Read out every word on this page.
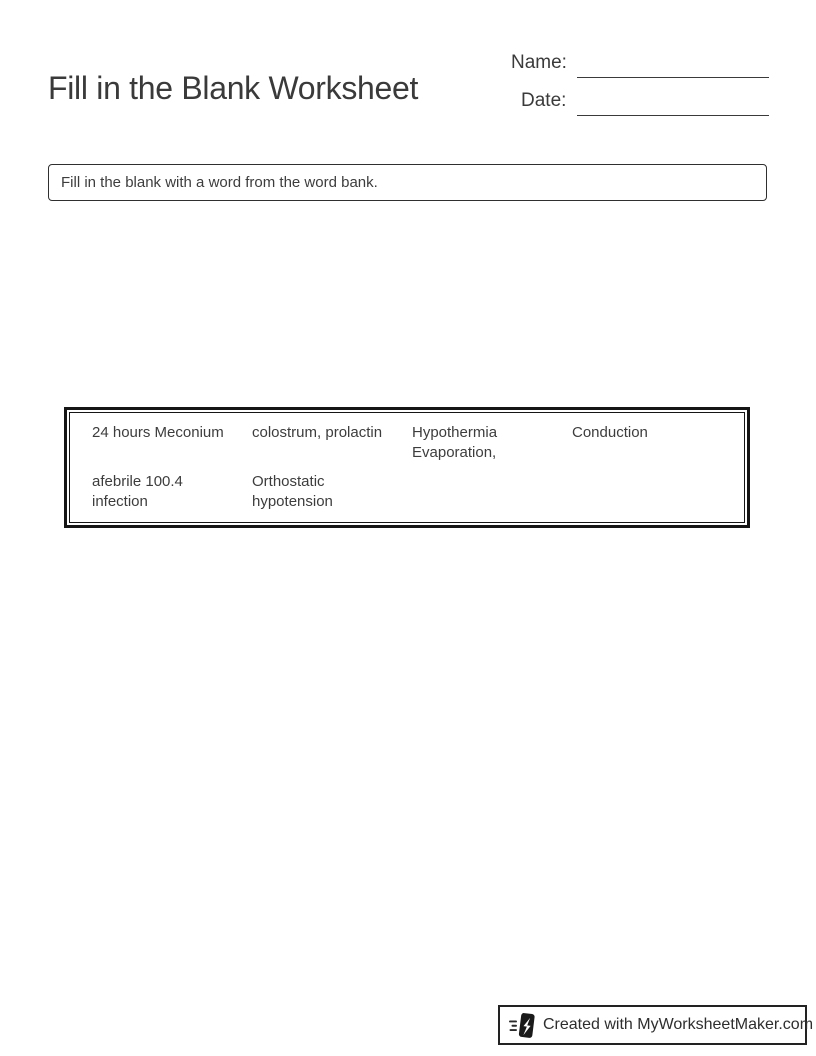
Fill in the Blank Worksheet
Name:
Date:
Fill in the blank with a word from the word bank.
24 hours Meconium	colostrum, prolactin	Hypothermia Evaporation,
Conduction
afebrile 100.4 infection
Orthostatic hypotension
Created with MyWorksheetMaker.com
